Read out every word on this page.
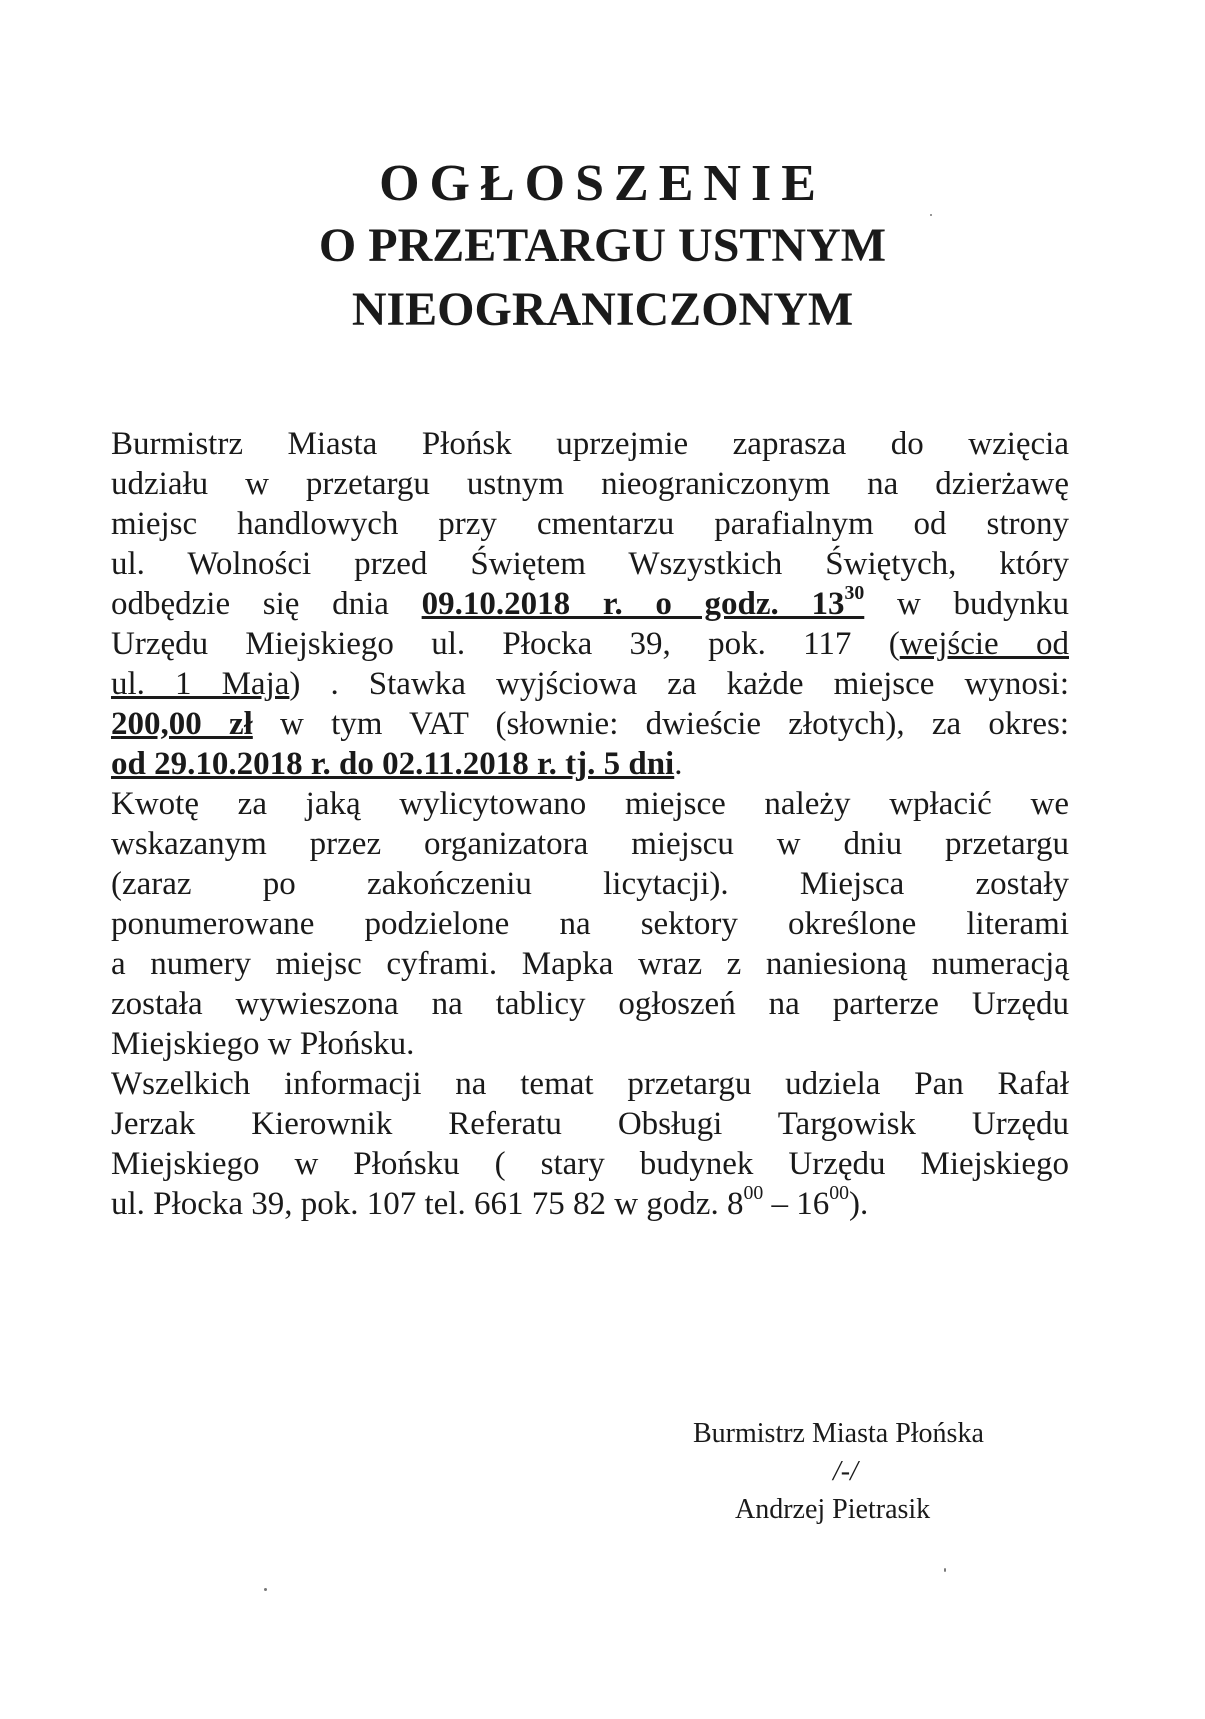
OGŁOSZENIE
O PRZETARGU USTNYM
NIEOGRANICZONYM
Burmistrz Miasta Płońsk uprzejmie zaprasza do wzięcia
udziału w przetargu ustnym nieograniczonym na dzierżawę
miejsc handlowych przy cmentarzu parafialnym od strony
ul. Wolności przed Świętem Wszystkich Świętych, który
odbędzie się dnia 09.10.2018 r. o godz. $13^{30}$ w budynku
Urzędu Miejskiego ul. Płocka 39, pok. 117 (wejście od
ul. 1 Maja) . Stawka wyjściowa za każde miejsce wynosi:
200,00 zł w tym VAT (słownie: dwieście złotych), za okres:
od 29.10.2018 r. do 02.11.2018 r. tj. 5 dni.
Kwotę za jaką wylicytowano miejsce należy wpłacić we
wskazanym przez organizatora miejscu w dniu przetargu
(zaraz po zakończeniu licytacji). Miejsca zostały
ponumerowane podzielone na sektory określone literami
a numery miejsc cyframi. Mapka wraz z naniesioną numeracją
została wywieszona na tablicy ogłoszeń na parterze Urzędu
Miejskiego w Płońsku.
Wszelkich informacji na temat przetargu udziela Pan Rafał
Jerzak Kierownik Referatu Obsługi Targowisk Urzędu
Miejskiego w Płońsku ( stary budynek Urzędu Miejskiego
ul. Płocka 39, pok. 107 tel. 661 75 82 w godz. $8^{00} - 16^{00}$).
Burmistrz Miasta Płońska
/-/
Andrzej Pietrasik
